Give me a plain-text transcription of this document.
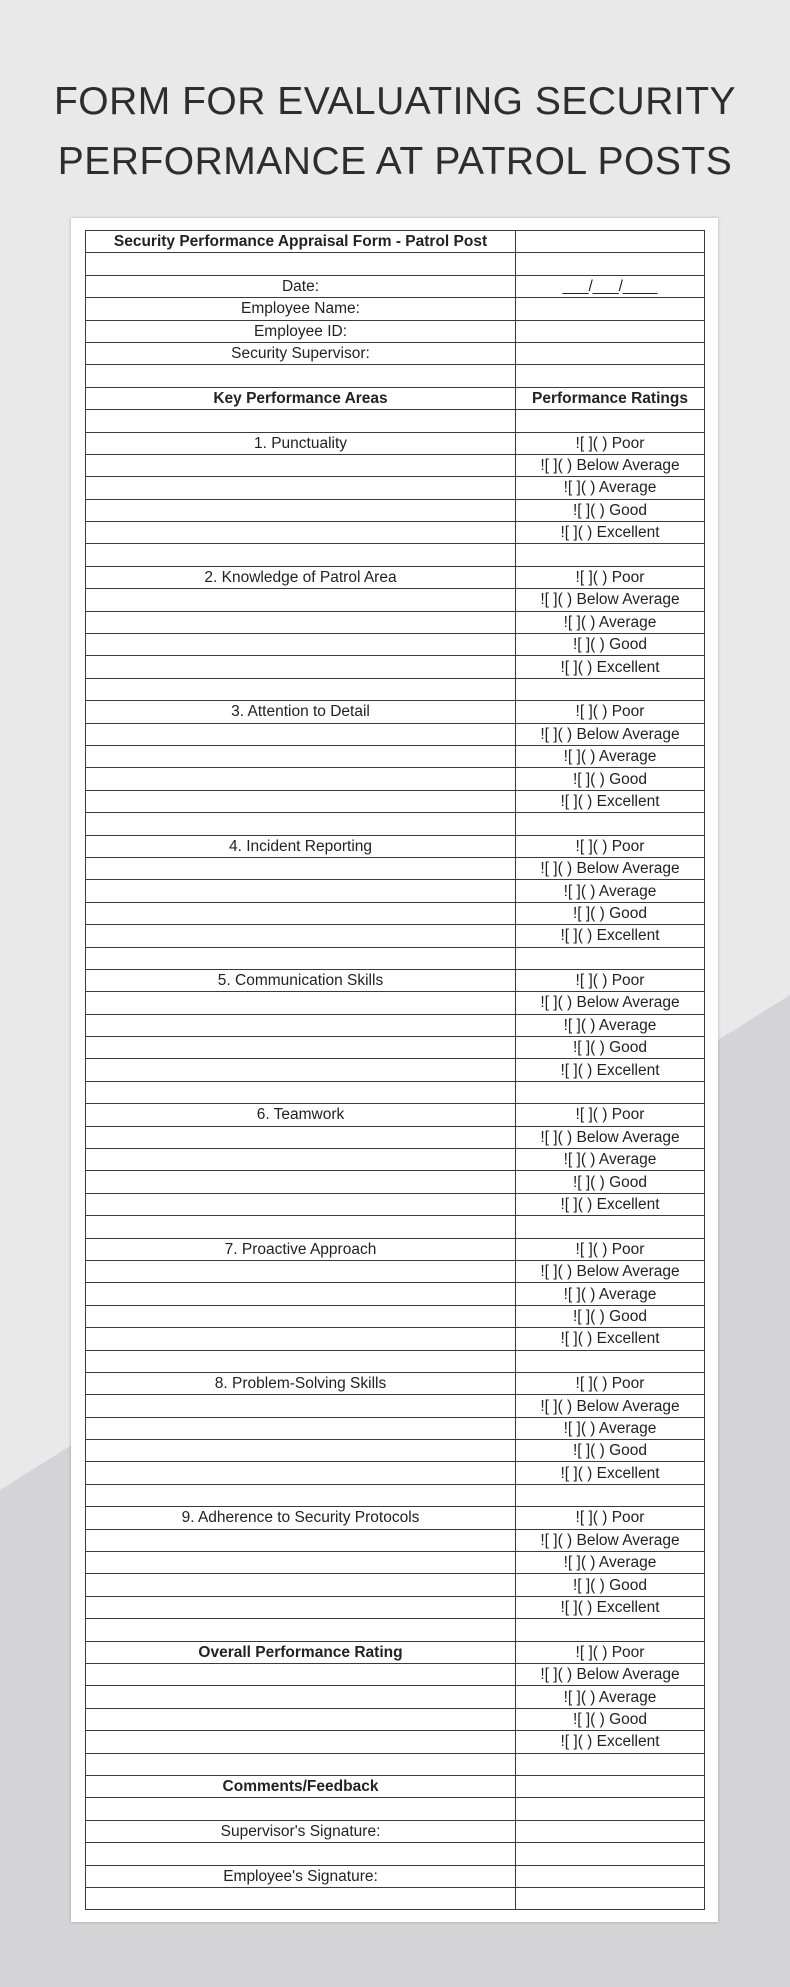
FORM FOR EVALUATING SECURITY
PERFORMANCE AT PATROL POSTS
Security Performance Appraisal Form - Patrol Post	

Date:	___/___/____
Employee Name:	
Employee ID:	
Security Supervisor:	

Key Performance Areas	Performance Ratings

1. Punctuality	![ ]( ) Poor
	![ ]( ) Below Average
	![ ]( ) Average
	![ ]( ) Good
	![ ]( ) Excellent

2. Knowledge of Patrol Area	![ ]( ) Poor
	![ ]( ) Below Average
	![ ]( ) Average
	![ ]( ) Good
	![ ]( ) Excellent

3. Attention to Detail	![ ]( ) Poor
	![ ]( ) Below Average
	![ ]( ) Average
	![ ]( ) Good
	![ ]( ) Excellent

4. Incident Reporting	![ ]( ) Poor
	![ ]( ) Below Average
	![ ]( ) Average
	![ ]( ) Good
	![ ]( ) Excellent

5. Communication Skills	![ ]( ) Poor
	![ ]( ) Below Average
	![ ]( ) Average
	![ ]( ) Good
	![ ]( ) Excellent

6. Teamwork	![ ]( ) Poor
	![ ]( ) Below Average
	![ ]( ) Average
	![ ]( ) Good
	![ ]( ) Excellent

7. Proactive Approach	![ ]( ) Poor
	![ ]( ) Below Average
	![ ]( ) Average
	![ ]( ) Good
	![ ]( ) Excellent

8. Problem-Solving Skills	![ ]( ) Poor
	![ ]( ) Below Average
	![ ]( ) Average
	![ ]( ) Good
	![ ]( ) Excellent

9. Adherence to Security Protocols	![ ]( ) Poor
	![ ]( ) Below Average
	![ ]( ) Average
	![ ]( ) Good
	![ ]( ) Excellent

Overall Performance Rating	![ ]( ) Poor
	![ ]( ) Below Average
	![ ]( ) Average
	![ ]( ) Good
	![ ]( ) Excellent

Comments/Feedback	

Supervisor's Signature:	

Employee's Signature:	
